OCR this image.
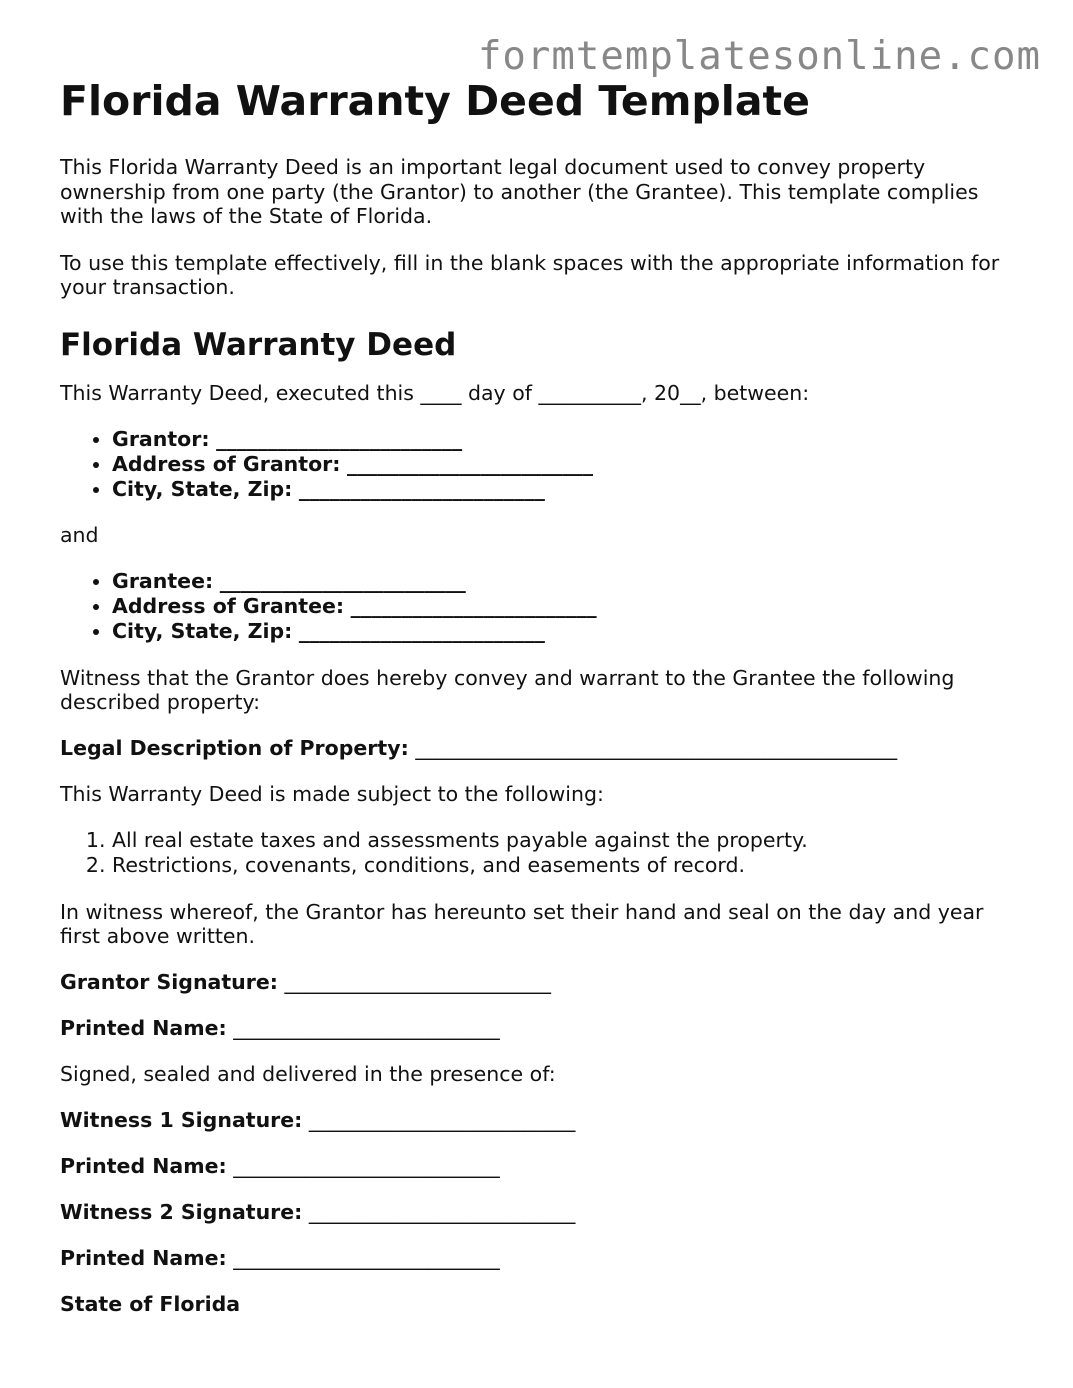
formtemplatesonline.com
Florida Warranty Deed Template

This Florida Warranty Deed is an important legal document used to convey property ownership from one party (the Grantor) to another (the Grantee). This template complies with the laws of the State of Florida.

To use this template effectively, fill in the blank spaces with the appropriate information for your transaction.

Florida Warranty Deed

This Warranty Deed, executed this ____ day of __________, 20__, between:

• Grantor: ________________________
• Address of Grantor: ________________________
• City, State, Zip: ________________________

and

• Grantee: ________________________
• Address of Grantee: ________________________
• City, State, Zip: ________________________

Witness that the Grantor does hereby convey and warrant to the Grantee the following described property:

Legal Description of Property: _______________________________________________

This Warranty Deed is made subject to the following:

1. All real estate taxes and assessments payable against the property.
2. Restrictions, covenants, conditions, and easements of record.

In witness whereof, the Grantor has hereunto set their hand and seal on the day and year first above written.

Grantor Signature: __________________________

Printed Name: __________________________

Signed, sealed and delivered in the presence of:

Witness 1 Signature: __________________________

Printed Name: __________________________

Witness 2 Signature: __________________________

Printed Name: __________________________

State of Florida
